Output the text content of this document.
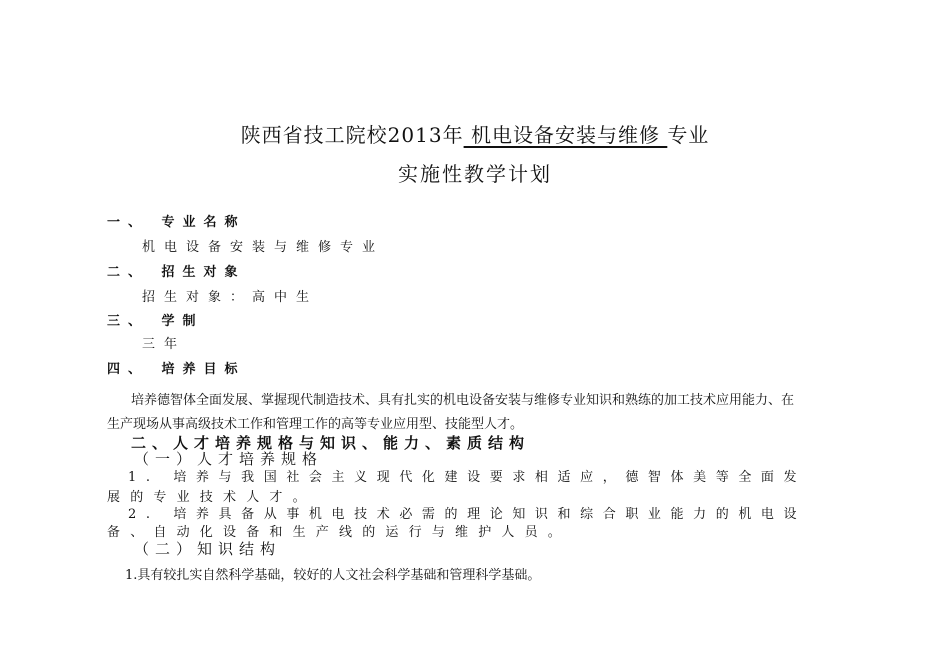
陕西省技工院校2013年 机电设备安装与维修 专业
实施性教学计划
一、 专业名称
机电设备安装与维修专业
二、 招生对象
招生对象：高中生
三、 学制
三年
四、 培养目标
培养德智体全面发展、掌握现代制造技术、具有扎实的机电设备安装与维修专业知识和熟练的加工技术应用能力、在
生产现场从事高级技术工作和管理工作的高等专业应用型、技能型人才。
二、人才培养规格与知识、能力、素质结构
（一）人才培养规格
1. 培养与我国社会主义现代化建设要求相适应，德智体美等全面发
展的专业技术人才。
2. 培养具备从事机电技术必需的理论知识和综合职业能力的机电设
备、自动化设备和生产线的运行与维护人员。
（二）知识结构
1.具有较扎实自然科学基础，较好的人文社会科学基础和管理科学基础。
